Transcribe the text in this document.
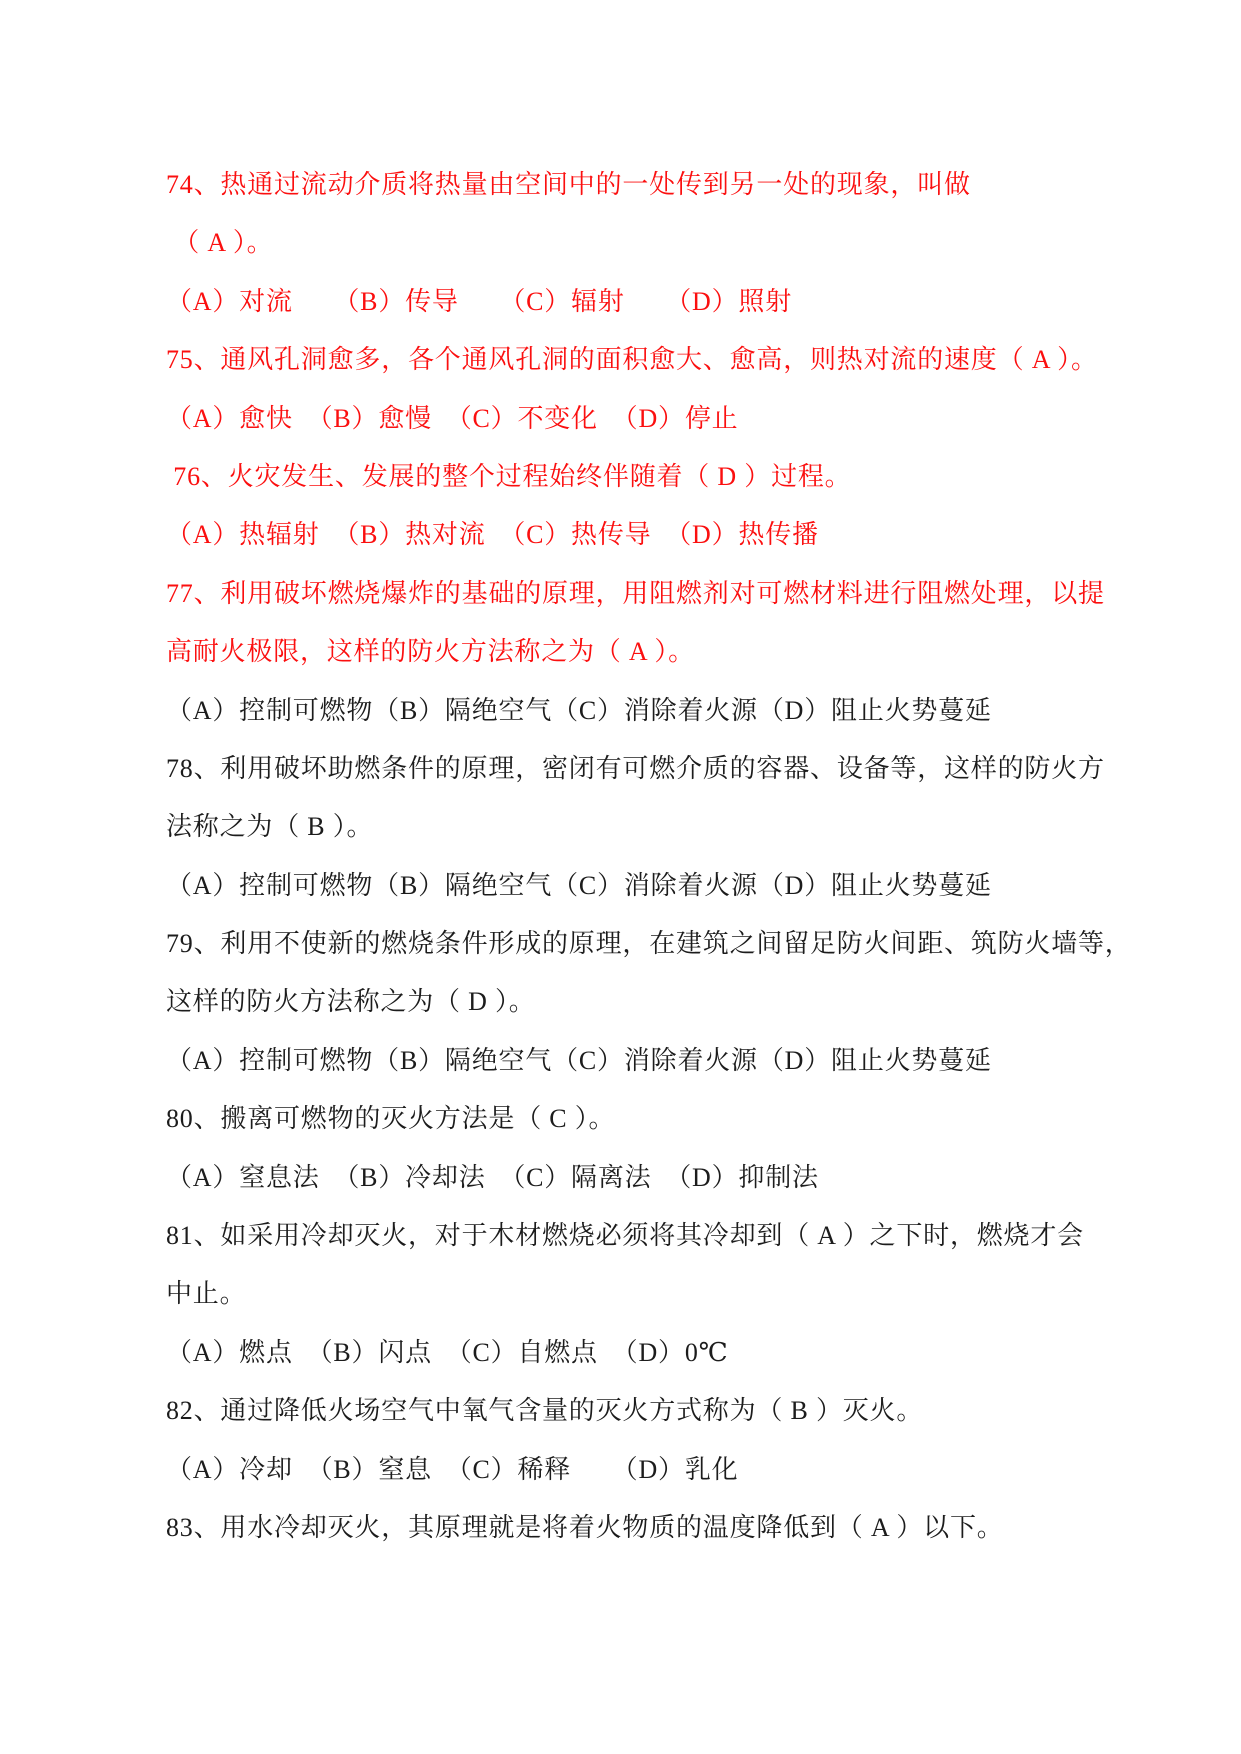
74、热通过流动介质将热量由空间中的一处传到另一处的现象，叫做
（ A ）。
（A）对流　　（B）传导　　（C）辐射　　（D）照射
75、通风孔洞愈多，各个通风孔洞的面积愈大、愈高，则热对流的速度（ A ）。
（A）愈快　（B）愈慢　（C）不变化　（D）停止
76、火灾发生、发展的整个过程始终伴随着（ D ）过程。
（A）热辐射　（B）热对流　（C）热传导　（D）热传播
77、利用破坏燃烧爆炸的基础的原理，用阻燃剂对可燃材料进行阻燃处理，以提
高耐火极限，这样的防火方法称之为（ A ）。
（A）控制可燃物（B）隔绝空气（C）消除着火源（D）阻止火势蔓延
78、利用破坏助燃条件的原理，密闭有可燃介质的容器、设备等，这样的防火方
法称之为（ B ）。
（A）控制可燃物（B）隔绝空气（C）消除着火源（D）阻止火势蔓延
79、利用不使新的燃烧条件形成的原理，在建筑之间留足防火间距、筑防火墙等，
这样的防火方法称之为（ D ）。
（A）控制可燃物（B）隔绝空气（C）消除着火源（D）阻止火势蔓延
80、搬离可燃物的灭火方法是（ C ）。
（A）窒息法　（B）冷却法　（C）隔离法　（D）抑制法
81、如采用冷却灭火，对于木材燃烧必须将其冷却到（ A ）之下时，燃烧才会
中止。
（A）燃点　（B）闪点　（C）自燃点　（D）0℃
82、通过降低火场空气中氧气含量的灭火方式称为（ B ）灭火。
（A）冷却　（B）窒息　（C）稀释　　（D）乳化
83、用水冷却灭火，其原理就是将着火物质的温度降低到（ A ）以下。
